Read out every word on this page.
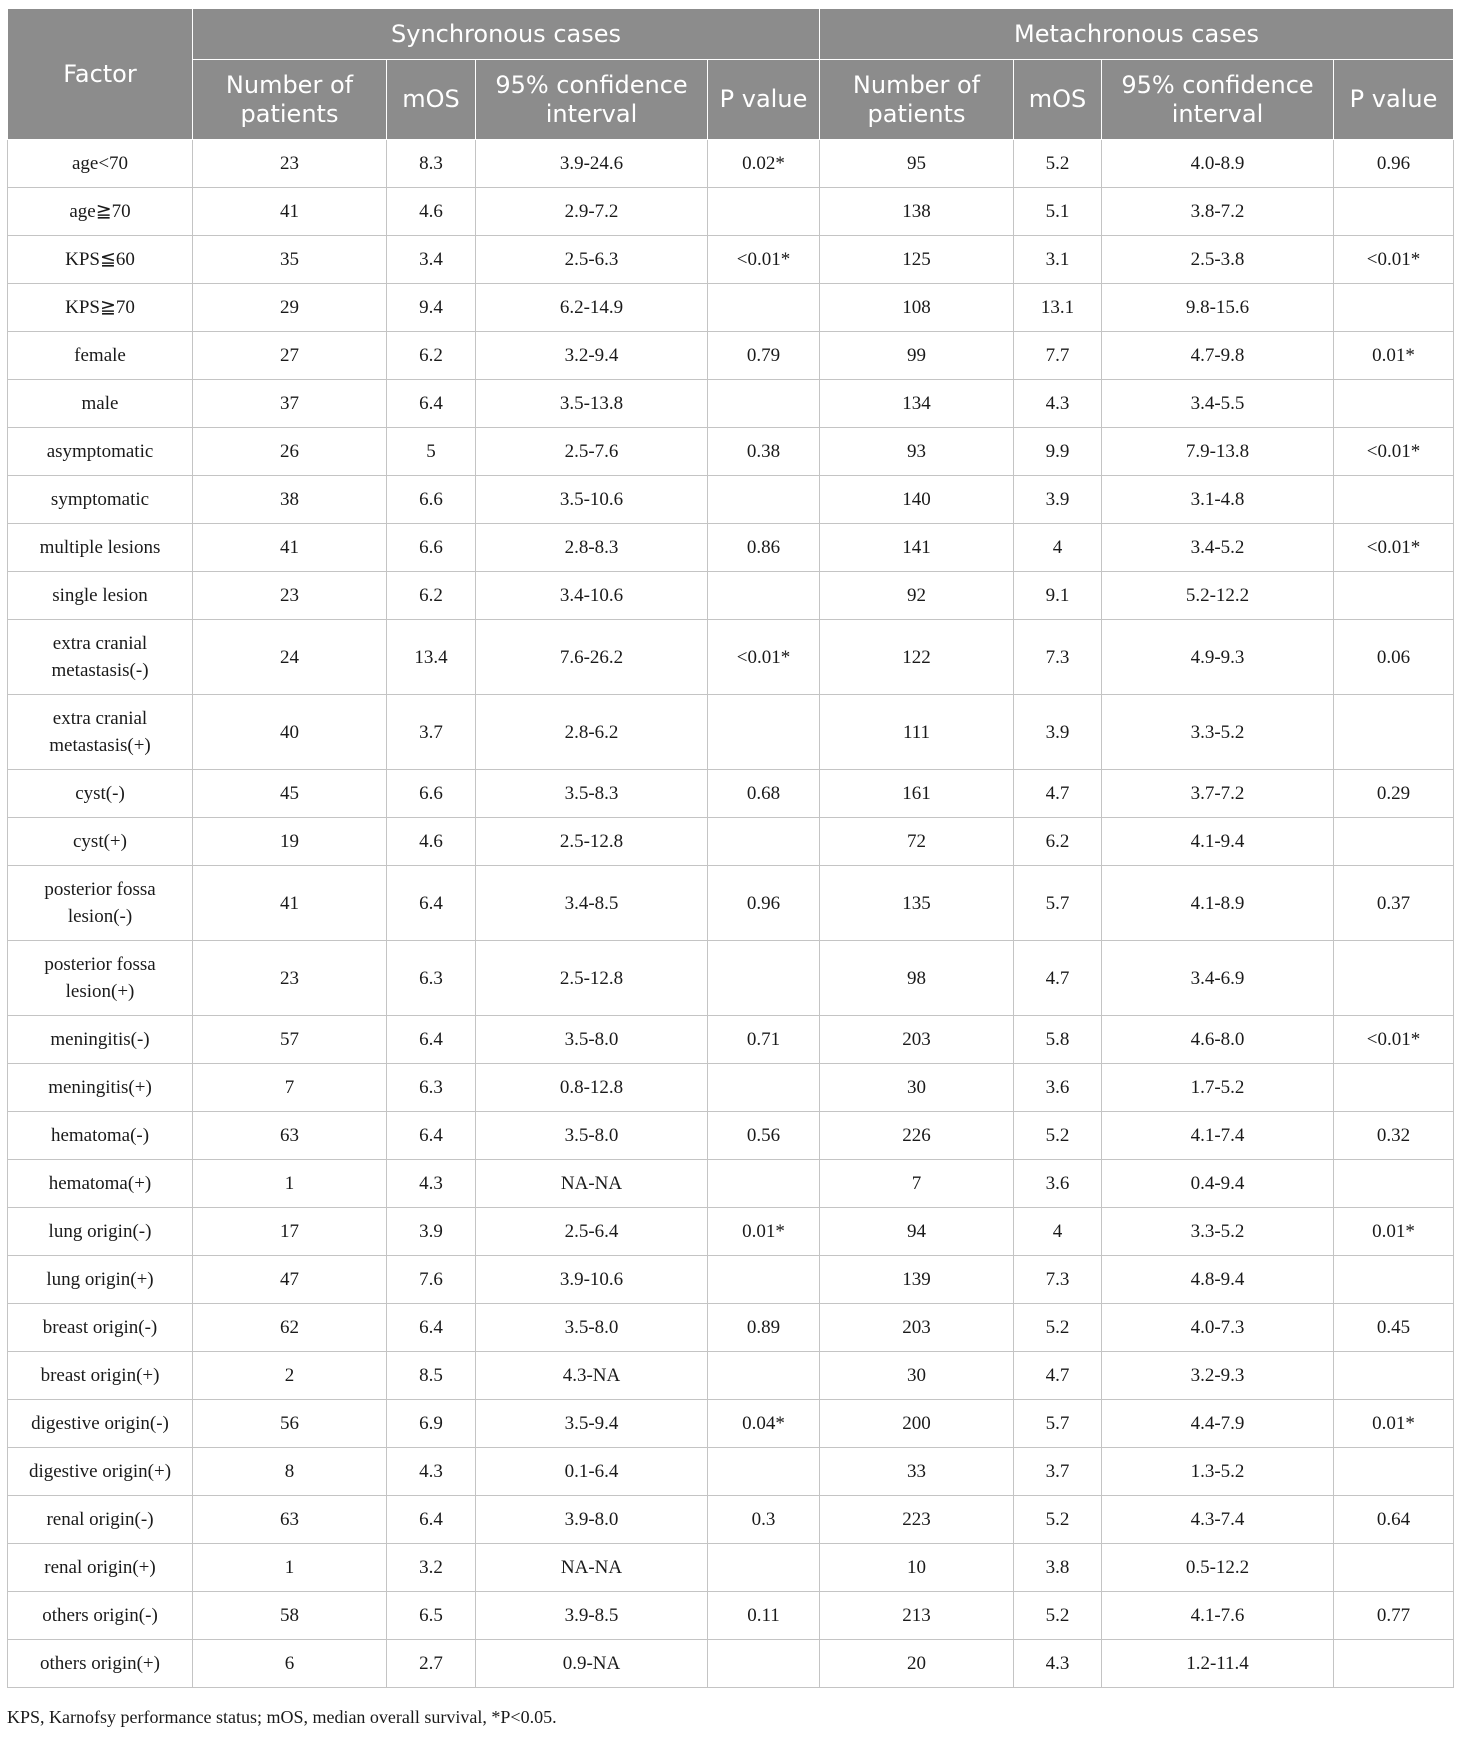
Factor	Synchronous cases				Metachronous cases			
	Number of patients	mOS	95% confidence interval	P value	Number of patients	mOS	95% confidence interval	P value
age<70	23	8.3	3.9-24.6	0.02*	95	5.2	4.0-8.9	0.96
age≧70	41	4.6	2.9-7.2		138	5.1	3.8-7.2	
KPS≦60	35	3.4	2.5-6.3	<0.01*	125	3.1	2.5-3.8	<0.01*
KPS≧70	29	9.4	6.2-14.9		108	13.1	9.8-15.6	
female	27	6.2	3.2-9.4	0.79	99	7.7	4.7-9.8	0.01*
male	37	6.4	3.5-13.8		134	4.3	3.4-5.5	
asymptomatic	26	5	2.5-7.6	0.38	93	9.9	7.9-13.8	<0.01*
symptomatic	38	6.6	3.5-10.6		140	3.9	3.1-4.8	
multiple lesions	41	6.6	2.8-8.3	0.86	141	4	3.4-5.2	<0.01*
single lesion	23	6.2	3.4-10.6		92	9.1	5.2-12.2	
extra cranial metastasis(-)	24	13.4	7.6-26.2	<0.01*	122	7.3	4.9-9.3	0.06
extra cranial metastasis(+)	40	3.7	2.8-6.2		111	3.9	3.3-5.2	
cyst(-)	45	6.6	3.5-8.3	0.68	161	4.7	3.7-7.2	0.29
cyst(+)	19	4.6	2.5-12.8		72	6.2	4.1-9.4	
posterior fossa lesion(-)	41	6.4	3.4-8.5	0.96	135	5.7	4.1-8.9	0.37
posterior fossa lesion(+)	23	6.3	2.5-12.8		98	4.7	3.4-6.9	
meningitis(-)	57	6.4	3.5-8.0	0.71	203	5.8	4.6-8.0	<0.01*
meningitis(+)	7	6.3	0.8-12.8		30	3.6	1.7-5.2	
hematoma(-)	63	6.4	3.5-8.0	0.56	226	5.2	4.1-7.4	0.32
hematoma(+)	1	4.3	NA-NA		7	3.6	0.4-9.4	
lung origin(-)	17	3.9	2.5-6.4	0.01*	94	4	3.3-5.2	0.01*
lung origin(+)	47	7.6	3.9-10.6		139	7.3	4.8-9.4	
breast origin(-)	62	6.4	3.5-8.0	0.89	203	5.2	4.0-7.3	0.45
breast origin(+)	2	8.5	4.3-NA		30	4.7	3.2-9.3	
digestive origin(-)	56	6.9	3.5-9.4	0.04*	200	5.7	4.4-7.9	0.01*
digestive origin(+)	8	4.3	0.1-6.4		33	3.7	1.3-5.2	
renal origin(-)	63	6.4	3.9-8.0	0.3	223	5.2	4.3-7.4	0.64
renal origin(+)	1	3.2	NA-NA		10	3.8	0.5-12.2	
others origin(-)	58	6.5	3.9-8.5	0.11	213	5.2	4.1-7.6	0.77
others origin(+)	6	2.7	0.9-NA		20	4.3	1.2-11.4	
KPS, Karnofsy performance status; mOS, median overall survival, *P<0.05.
